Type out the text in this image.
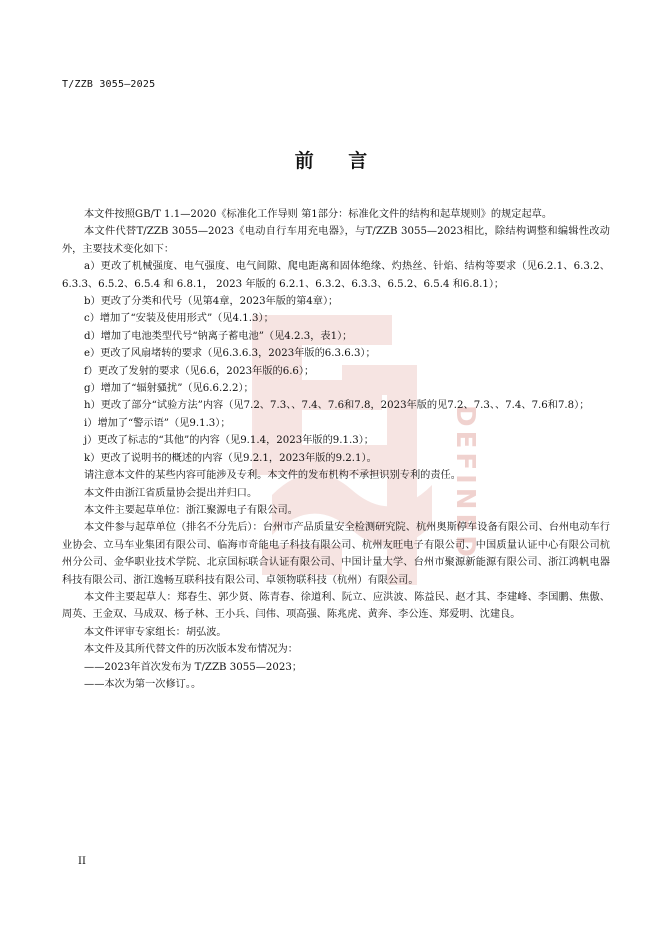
T/ZZB 3055—2025
前 言
DEFINED

本文件按照GB/T 1.1—2020《标准化工作导则 第1部分：标准化文件的结构和起草规则》的规定起草。

本文件代替T/ZZB 3055—2023《电动自行车用充电器》，与T/ZZB 3055—2023相比，除结构调整和编辑性改动外，主要技术变化如下：

a）更改了机械强度、电气强度、电气间隙、爬电距离和固体绝缘、灼热丝、针焰、结构等要求（见6.2.1、6.3.2、6.3.3、6.5.2、6.5.4 和 6.8.1， 2023 年版的 6.2.1、6.3.2、6.3.3、6.5.2、6.5.4 和6.8.1）；

b）更改了分类和代号（见第4章，2023年版的第4章）；

c）增加了“安装及使用形式”（见4.1.3）；

d）增加了电池类型代号“钠离子蓄电池”（见4.2.3，表1）；

e）更改了风扇堵转的要求（见6.3.6.3，2023年版的6.3.6.3）；

f）更改了发射的要求（见6.6，2023年版的6.6）；

g）增加了“辐射骚扰”（见6.6.2.2）；

h）更改了部分“试验方法”内容（见7.2、7.3、、7.4、7.6和7.8，2023年版的见7.2、7.3、、7.4、7.6和7.8）；

i）增加了“警示语”（见9.1.3）；

j）更改了标志的“其他”的内容（见9.1.4，2023年版的9.1.3）；

k）更改了说明书的概述的内容（见9.2.1，2023年版的9.2.1）。

请注意本文件的某些内容可能涉及专利。本文件的发布机构不承担识别专利的责任。

本文件由浙江省质量协会提出并归口。

本文件主要起草单位：浙江聚源电子有限公司。

本文件参与起草单位（排名不分先后）：台州市产品质量安全检测研究院、杭州奥斯停车设备有限公司、台州电动车行业协会、立马车业集团有限公司、临海市奇能电子科技有限公司、杭州友旺电子有限公司、中国质量认证中心有限公司杭州分公司、金华职业技术学院、北京国标联合认证有限公司、中国计量大学、台州市聚源新能源有限公司、浙江鸿帆电器科技有限公司、浙江逸畅互联科技有限公司、卓领物联科技（杭州）有限公司。

本文件主要起草人：郑春生、郭少贤、陈青春、徐道利、阮立、应洪波、陈益民、赵才其、李建峰、李国鹏、焦傲、周英、王金双、马成双、杨子林、王小兵、闫伟、项高强、陈兆虎、黄奔、李公连、郑爱明、沈建良。

本文件评审专家组长：胡弘波。

本文件及其所代替文件的历次版本发布情况为：

——2023年首次发布为 T/ZZB 3055—2023；

——本次为第一次修订。。

II
